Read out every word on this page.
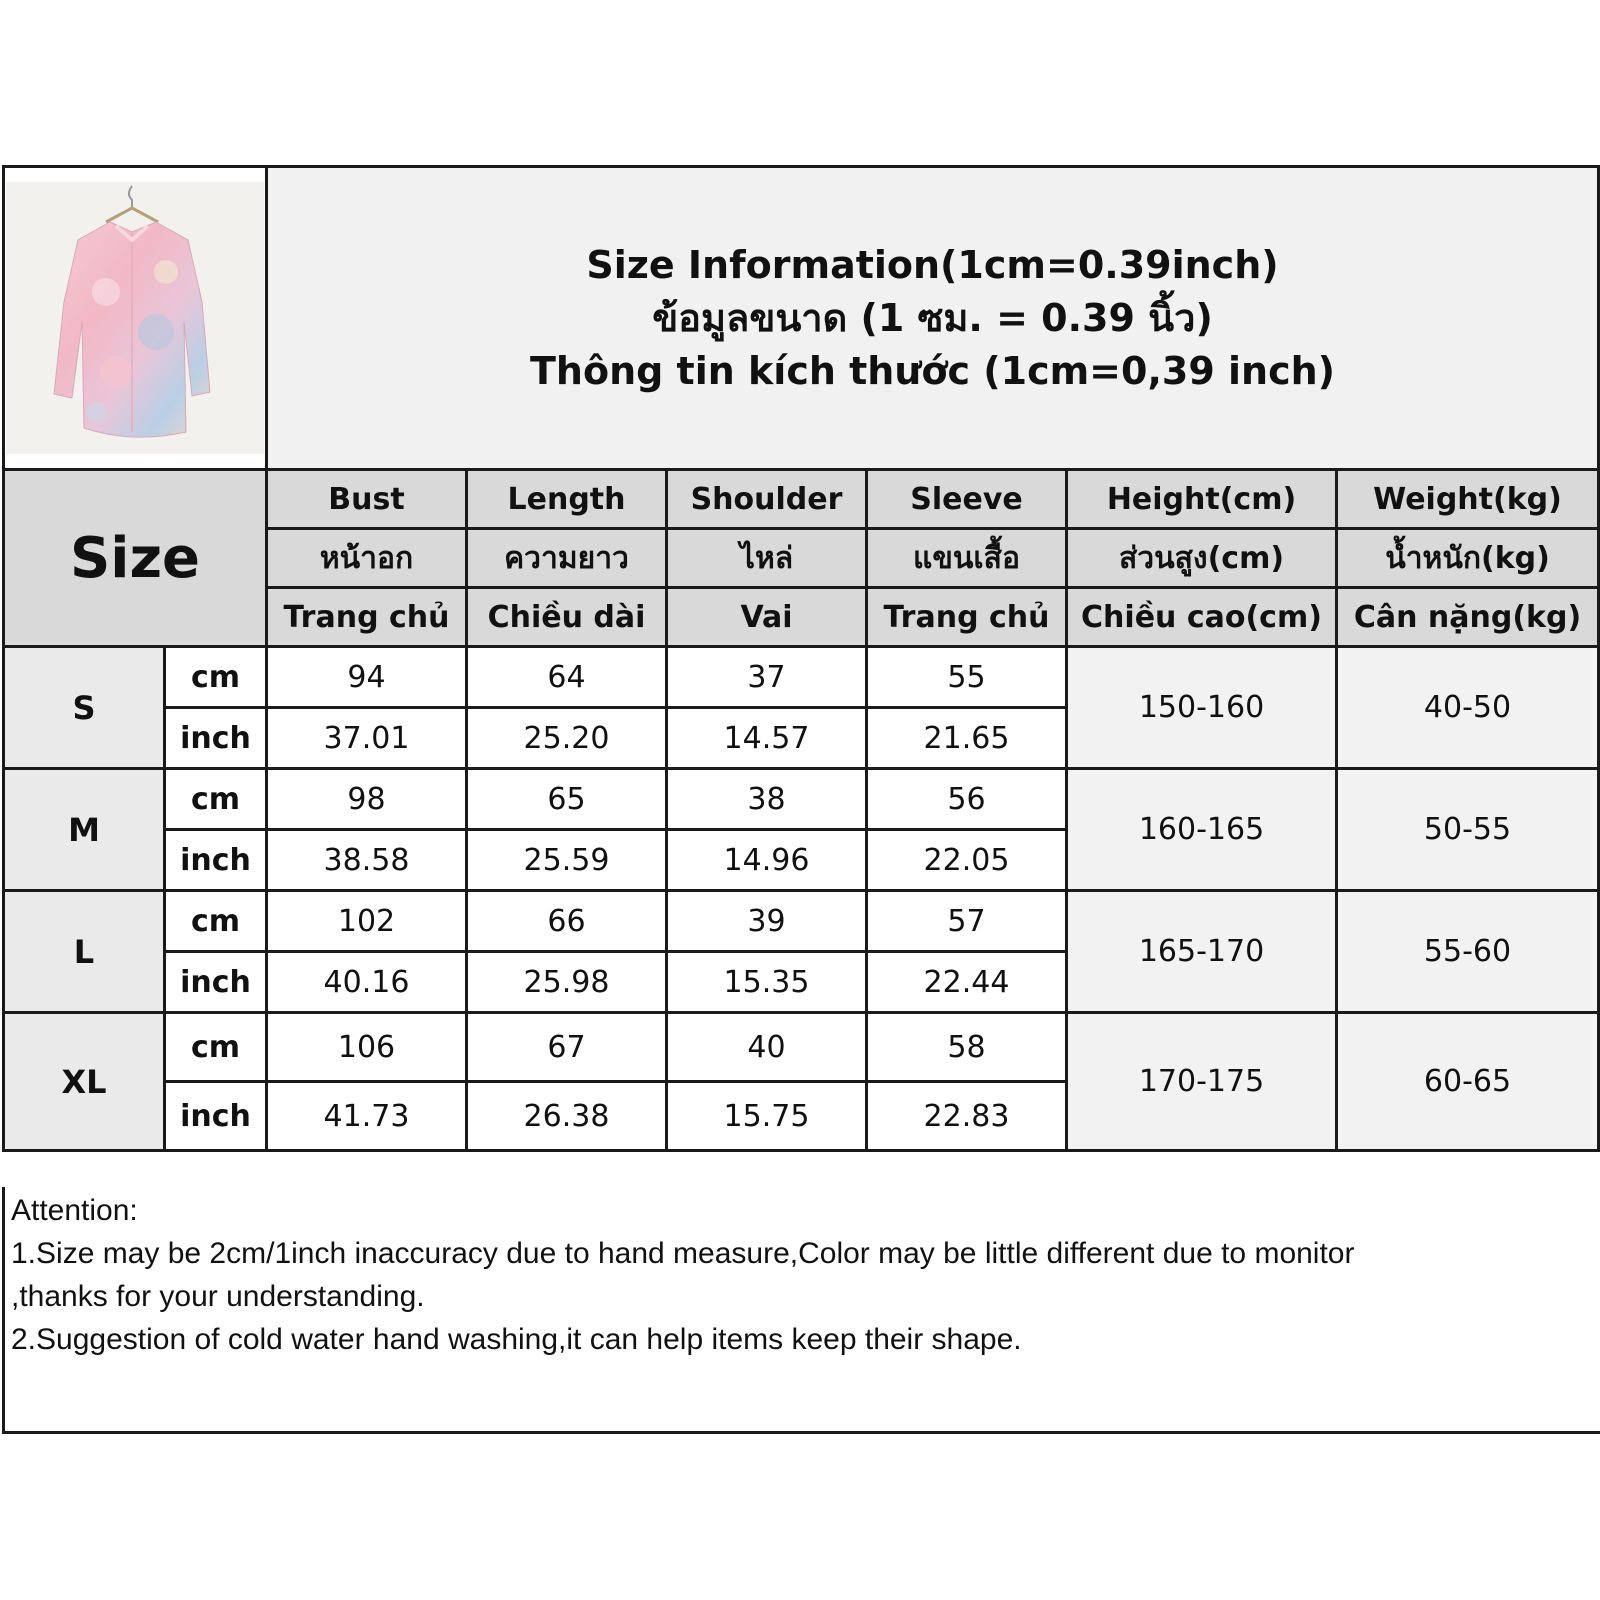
Size Information(1cm=0.39inch)
ข้อมูลขนาด (1 ซม. = 0.39 นิ้ว)
Thông tin kích thước (1cm=0,39 inch)					

Size		Bust	Length	Shoulder	Sleeve	Height(cm)	Weight(kg)
		หน้าอก	ความยาว	ไหล่	แขนเสื้อ	ส่วนสูง(cm)	น้ำหนัก(kg)
		Trang chủ	Chiều dài	Vai	Trang chủ	Chiều cao(cm)	Cân nặng(kg)
S	cm	94	64	37	55	150-160	40-50
	inch	37.01	25.20	14.57	21.65		
M	cm	98	65	38	56	160-165	50-55
	inch	38.58	25.59	14.96	22.05		
L	cm	102	66	39	57	165-170	55-60
	inch	40.16	25.98	15.35	22.44		
XL	cm	106	67	40	58	170-175	60-65
	inch	41.73	26.38	15.75	22.83		
Attention:
1.Size may be 2cm/1inch inaccuracy due to hand measure,Color may be little different due to monitor
,thanks for your understanding.
2.Suggestion of cold water hand washing,it can help items keep their shape.
